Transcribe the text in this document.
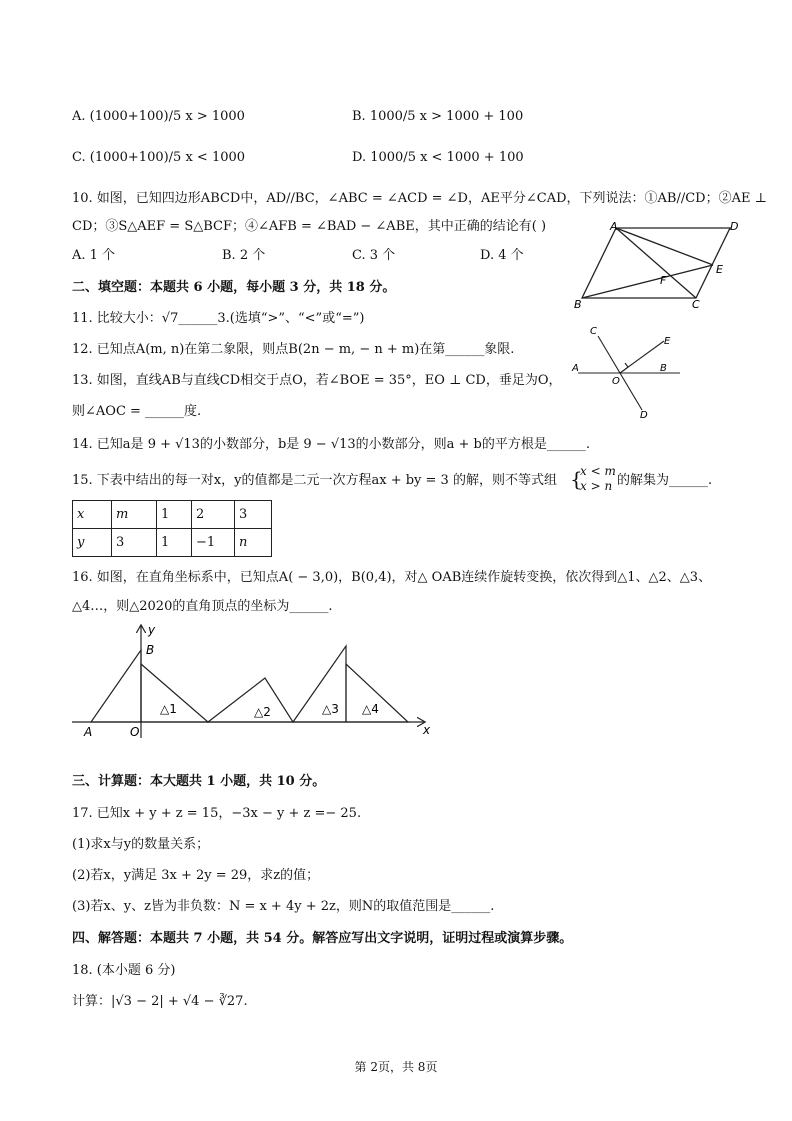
A. (1000+100)/5 x > 1000	B. 1000/5 x > 1000 + 100
C. (1000+100)/5 x < 1000	D. 1000/5 x < 1000 + 100
10. 如图，已知四边形ABCD中，AD//BC，∠ABC = ∠ACD = ∠D，AE平分∠CAD，下列说法：①AB//CD；②AE ⊥
CD；③S△AEF = S△BCF；④∠AFB = ∠BAD − ∠ABE，其中正确的结论有( )
A. 1 个	B. 2 个	C. 3 个	D. 4 个
A	D
E
F
B	C
二、填空题：本题共 6 小题，每小题 3 分，共 18 分。
11. 比较大小：√7______3.(选填“>”、“<”或“=”)
12. 已知点A(m, n)在第二象限，则点B(2n − m, − n + m)在第______象限.
13. 如图，直线AB与直线CD相交于点O，若∠BOE = 35°，EO ⊥ CD，垂足为O，
则∠AOC = ______度.
C
E
A	B
O
D
14. 已知a是 9 + √13的小数部分，b是 9 − √13的小数部分，则a + b的平方根是______.
15. 下表中结出的每一对x，y的值都是二元一次方程ax + by = 3 的解，则不等式组 {
x < m
x > n 的解集为______.
x	m	1	2	3
y	3	1	−1	n
16. 如图，在直角坐标系中，已知点A( − 3,0)，B(0,4)，对△ OAB连续作旋转变换，依次得到△1、△2、△3、
△4…，则△2020的直角顶点的坐标为______.
y
x
B
A	O
△1	△2	△3 △4
三、计算题：本大题共 1 小题，共 10 分。
17. 已知x + y + z = 15，−3x − y + z =− 25.
(1)求x与y的数量关系；
(2)若x，y满足 3x + 2y = 29，求z的值；
(3)若x、y、z皆为非负数：N = x + 4y + 2z，则N的取值范围是______.
四、解答题：本题共 7 小题，共 54 分。解答应写出文字说明，证明过程或演算步骤。
18. (本小题 6 分)
计算：|√3 − 2| + √4 − ∛27.
第 2页，共 8页
